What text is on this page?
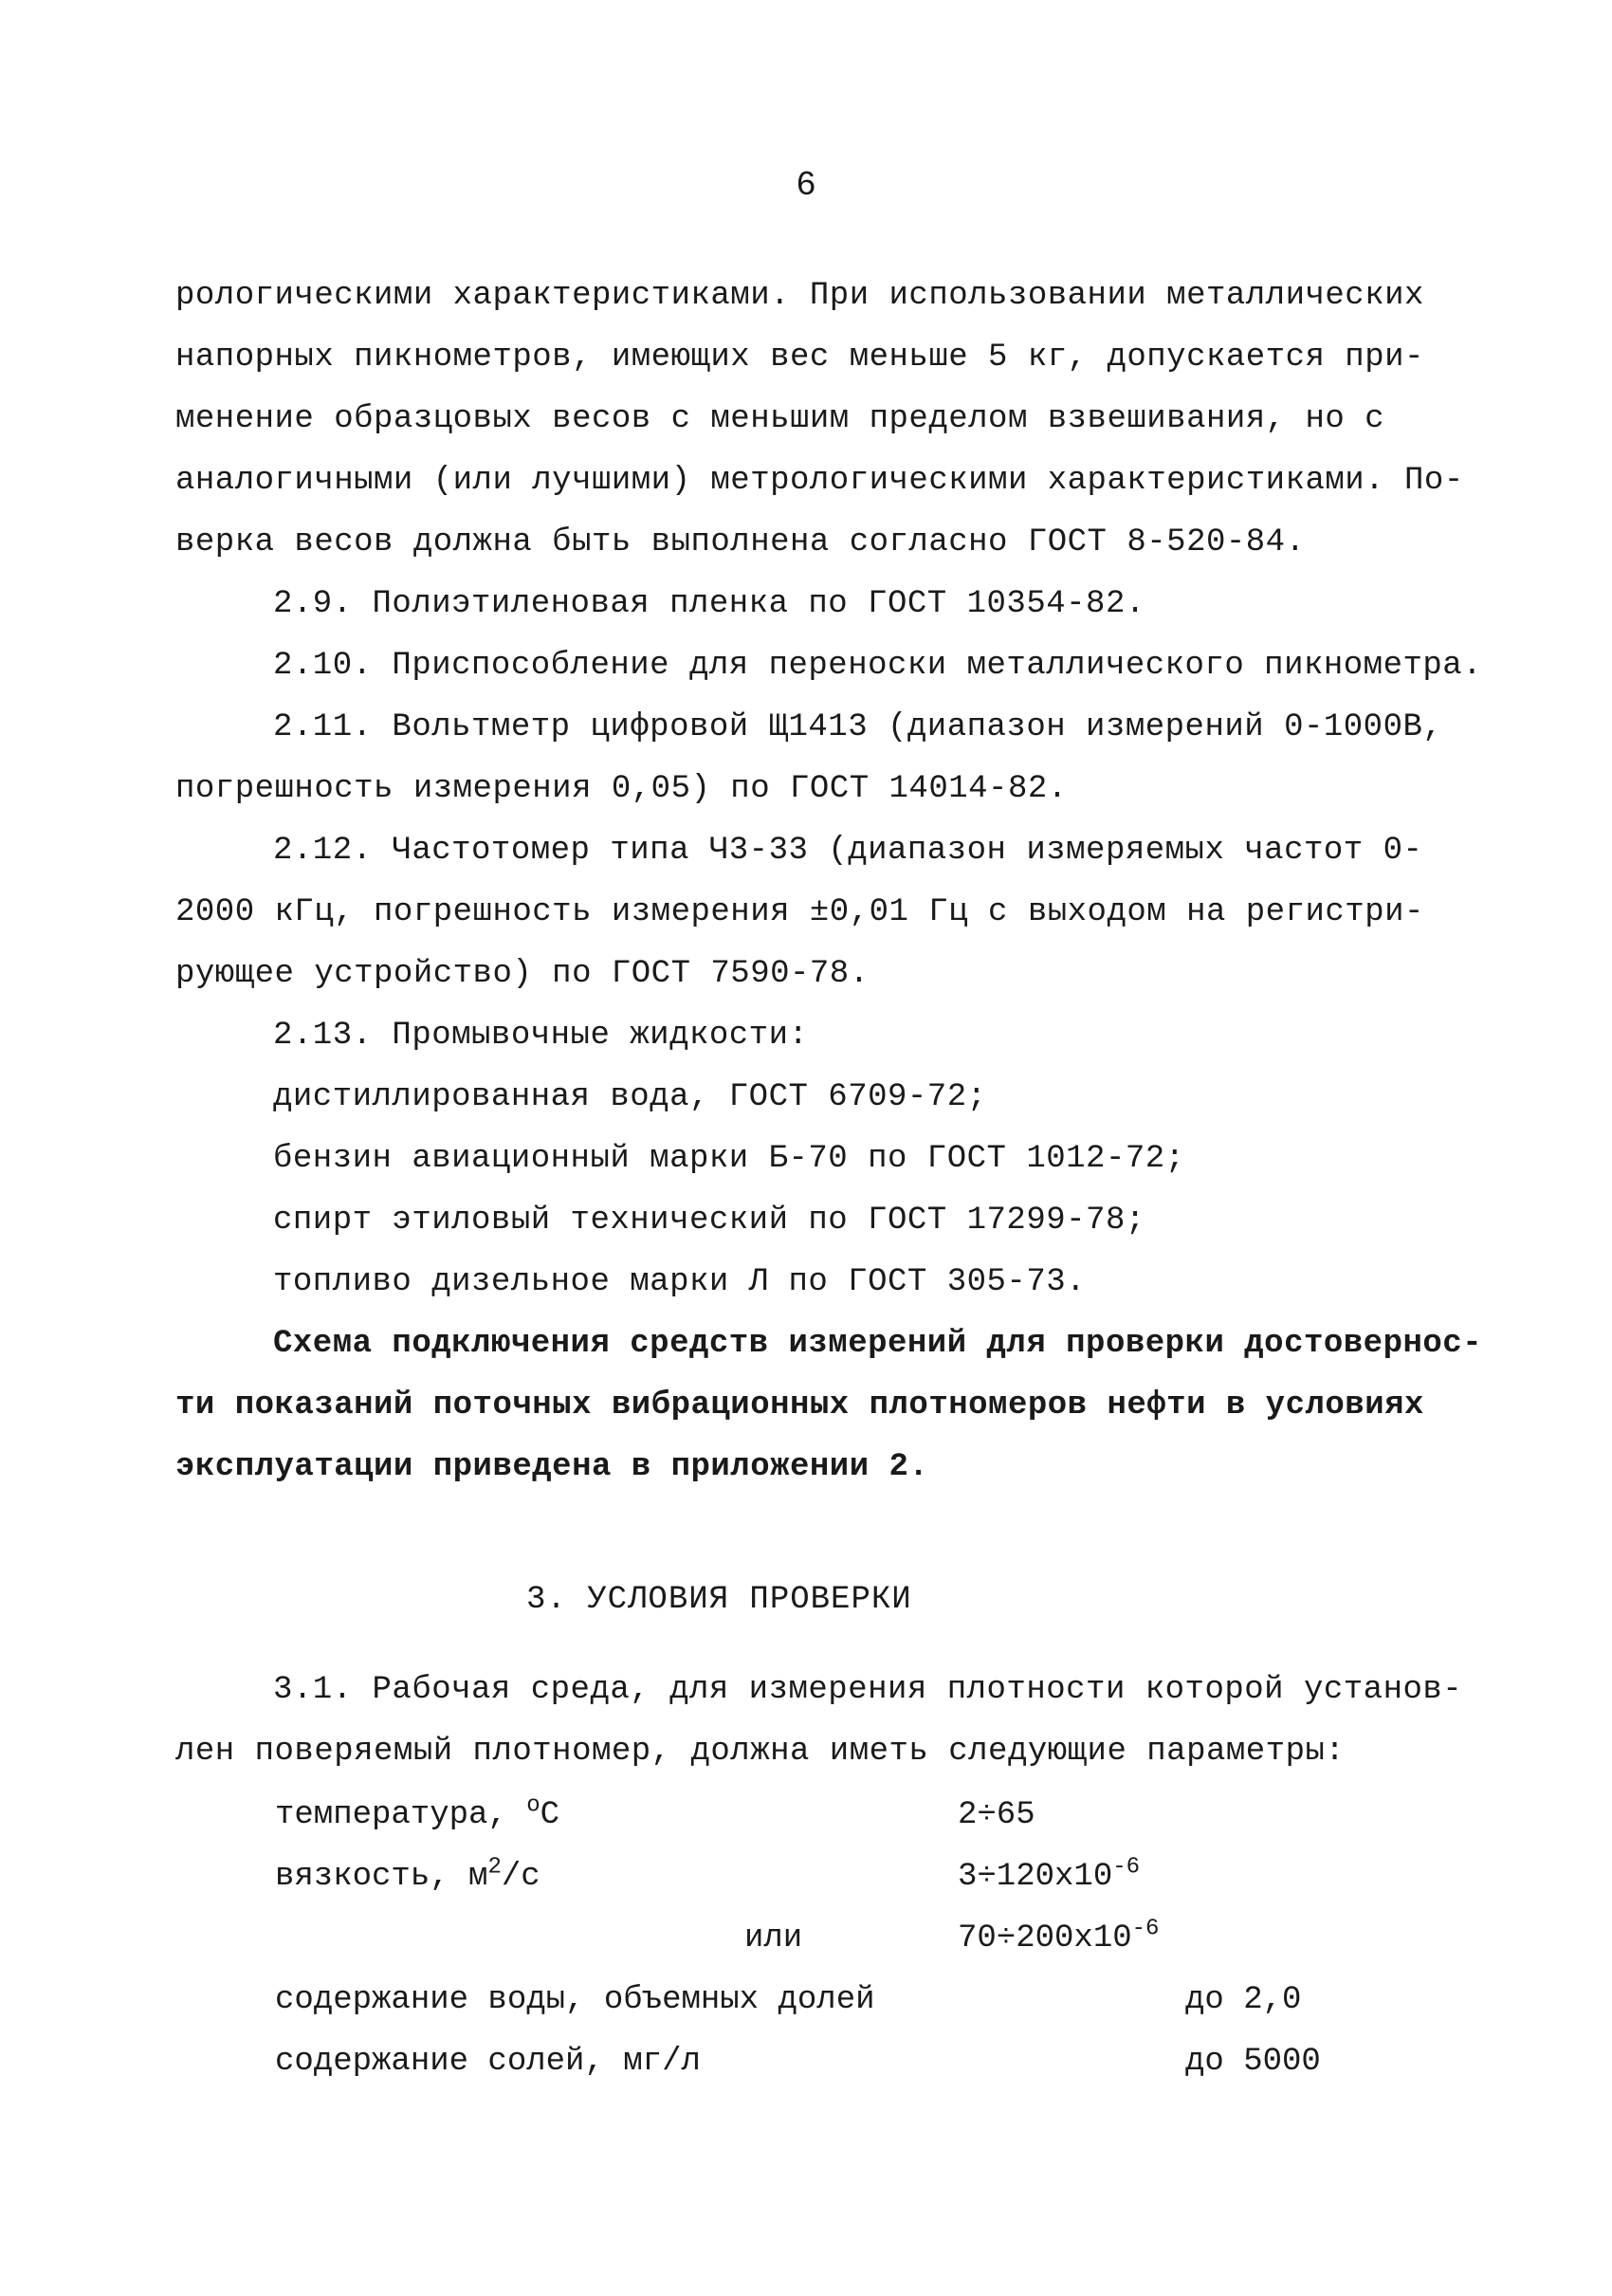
6
рологическими характеристиками. При использовании металлических
напорных пикнометров, имеющих вес меньше 5 кг, допускается при-
менение образцовых весов с меньшим пределом взвешивания, но с
аналогичными (или лучшими) метрологическими характеристиками. По-
верка весов должна быть выполнена согласно ГОСТ 8-520-84.
2.9. Полиэтиленовая пленка по ГОСТ 10354-82.
2.10. Приспособление для переноски металлического пикнометра.
2.11. Вольтметр цифровой Щ1413 (диапазон измерений 0-1000В,
погрешность измерения 0,05) по ГОСТ 14014-82.
2.12. Частотомер типа Ч3-33 (диапазон измеряемых частот 0-
2000 кГц, погрешность измерения ±0,01 Гц с выходом на регистри-
рующее устройство) по ГОСТ 7590-78.
2.13. Промывочные жидкости:
дистиллированная вода, ГОСТ 6709-72;
бензин авиационный марки Б-70 по ГОСТ 1012-72;
спирт этиловый технический по ГОСТ 17299-78;
топливо дизельное марки Л по ГОСТ 305-73.
Схема подключения средств измерений для проверки достовернос-
ти показаний поточных вибрационных плотномеров нефти в условиях
эксплуатации приведена в приложении 2.
3. УСЛОВИЯ ПРОВЕРКИ
3.1. Рабочая среда, для измерения плотности которой установ-
лен поверяемый плотномер, должна иметь следующие параметры:
температура, $^о$С	2÷65
вязкость, $м^2/с$	$3\div 120x10^{-6}$
или	$70\div 200x10^{-6}$
содержание воды, объемных долей	до 2,0
содержание солей, мг/л	до 5000
